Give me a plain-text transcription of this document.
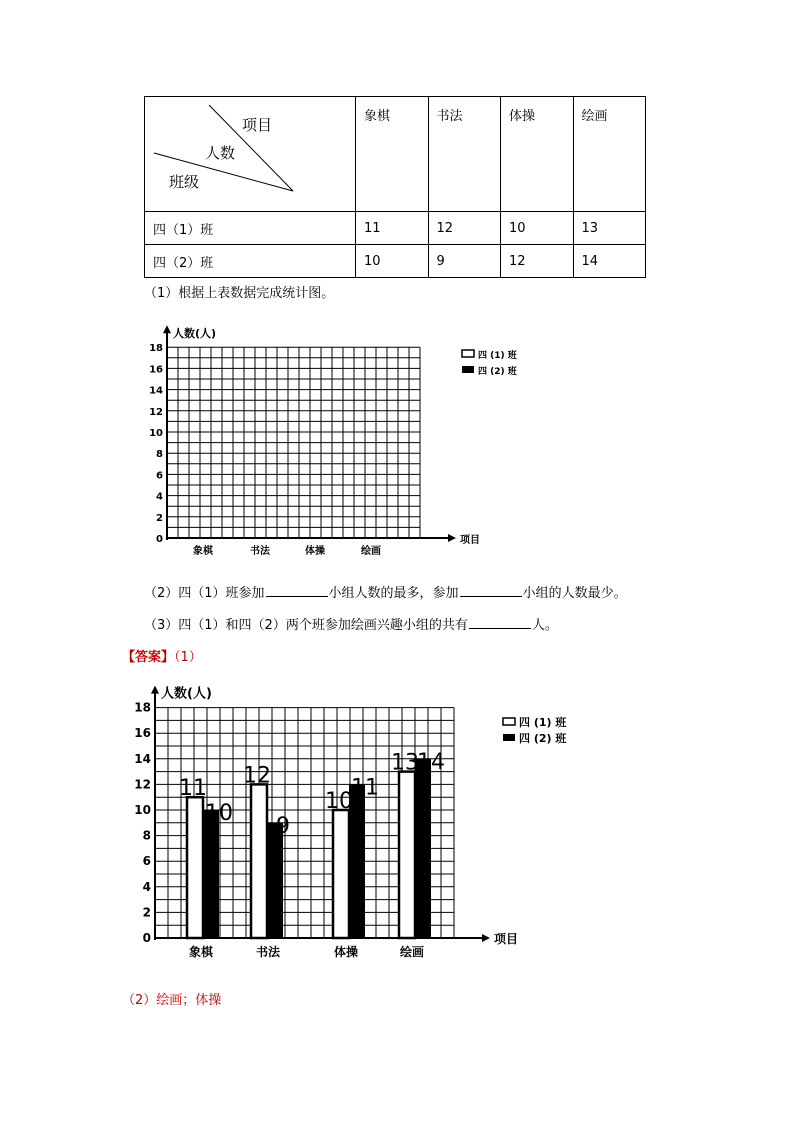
项目
人数
班级	象棋	书法	体操	绘画
四（1）班	11	12	10	13
四（2）班	10	9	12	14
（1）根据上表数据完成统计图。
0
2
4
6
8
10
12
14
16
18
人数(人)
项目
象棋	书法	体操	绘画
四 (1) 班
四 (2) 班
（2）四（1）班参加	小组人数的最多，参加	小组的人数最少。
（3）四（1）和四（2）两个班参加绘画兴趣小组的共有	人。
【答案】（1）
0
2
4
6
8
10
12
14
16
18
人数(人)
项目
象棋	书法	体操	绘画
四 (1) 班
四 (2) 班
11
10
12
9
10
11
13
14
（2）绘画；体操
